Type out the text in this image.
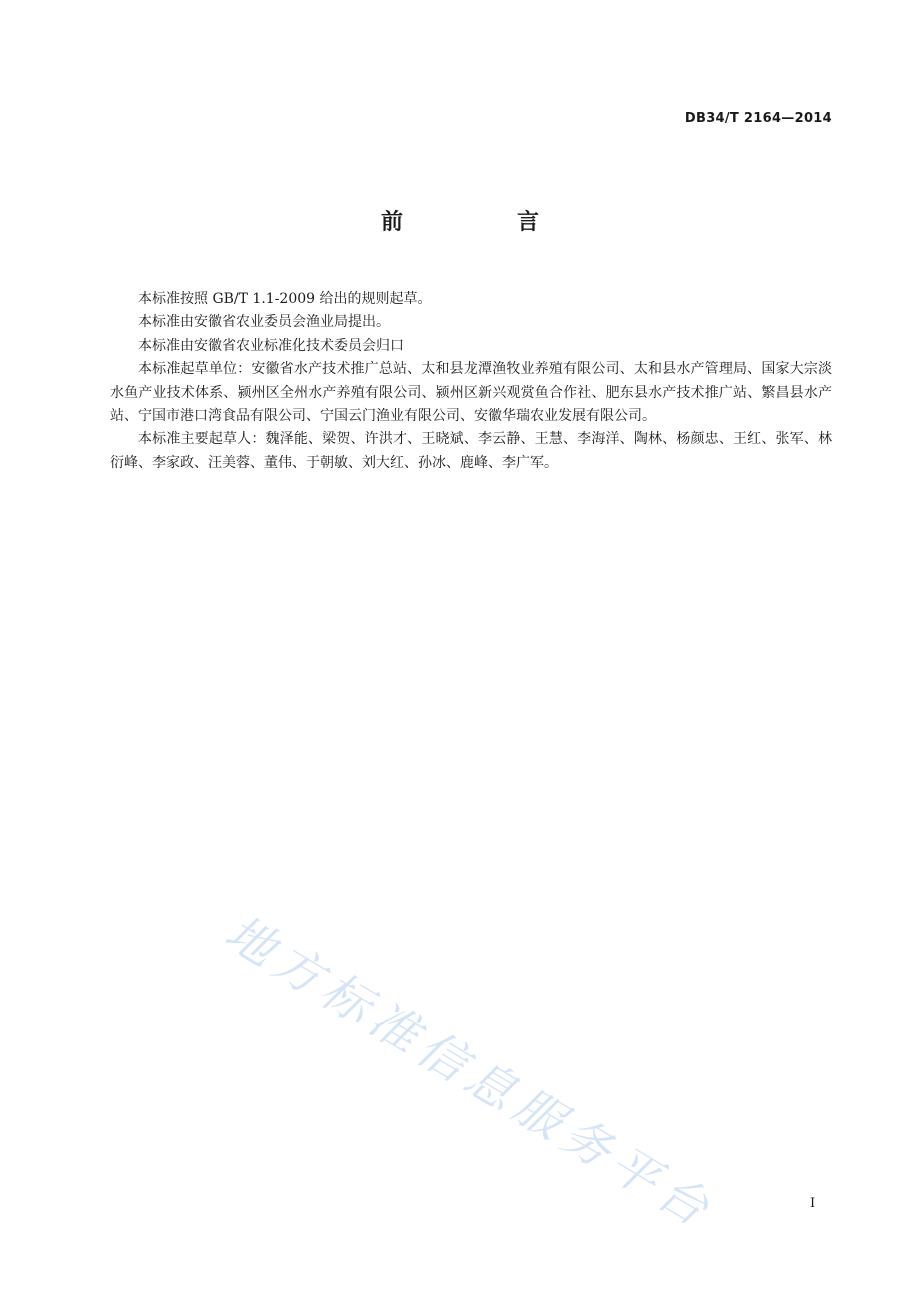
DB34/T 2164—2014
前　言

本标准按照 GB/T 1.1-2009 给出的规则起草。

本标准由安徽省农业委员会渔业局提出。

本标准由安徽省农业标准化技术委员会归口

本标准起草单位：安徽省水产技术推广总站、太和县龙潭渔牧业养殖有限公司、太和县水产管理局、国家大宗淡水鱼产业技术体系、颍州区全州水产养殖有限公司、颍州区新兴观赏鱼合作社、肥东县水产技术推广站、繁昌县水产站、宁国市港口湾食品有限公司、宁国云门渔业有限公司、安徽华瑞农业发展有限公司。

本标准主要起草人：魏泽能、梁贺、许洪才、王晓斌、李云静、王慧、李海洋、陶林、杨颜忠、王红、张军、林衍峰、李家政、汪美蓉、董伟、于朝敏、刘大红、孙冰、鹿峰、李广军。

地方标准信息服务平台	I
